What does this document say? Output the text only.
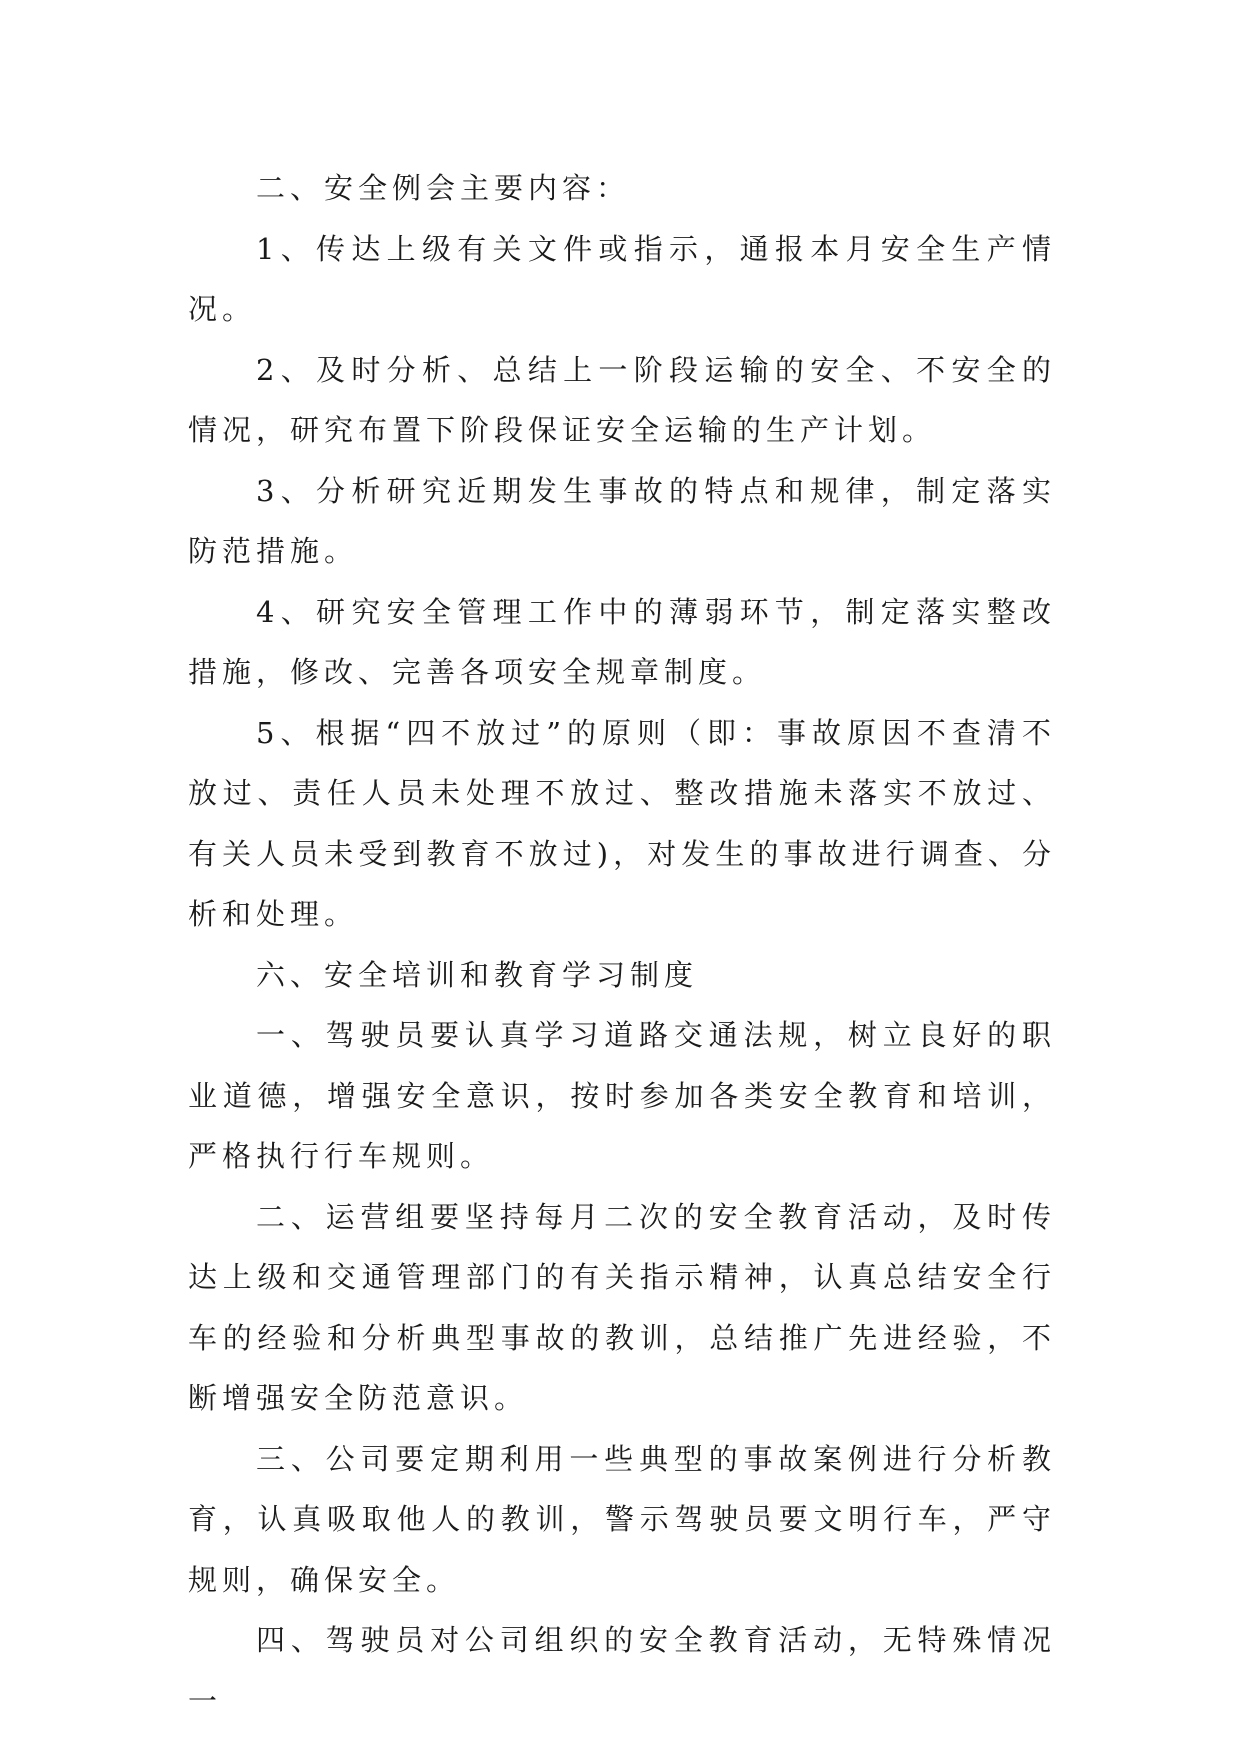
二、安全例会主要内容：

1、传达上级有关文件或指示，通报本月安全生产情况。

2、及时分析、总结上一阶段运输的安全、不安全的情况，研究布置下阶段保证安全运输的生产计划。

3、分析研究近期发生事故的特点和规律，制定落实防范措施。

4、研究安全管理工作中的薄弱环节，制定落实整改措施，修改、完善各项安全规章制度。

5、根据“四不放过”的原则（即：事故原因不查清不放过、责任人员未处理不放过、整改措施未落实不放过、有关人员未受到教育不放过)，对发生的事故进行调查、分析和处理。

六、安全培训和教育学习制度

一、驾驶员要认真学习道路交通法规，树立良好的职业道德，增强安全意识，按时参加各类安全教育和培训，严格执行行车规则。

二、运营组要坚持每月二次的安全教育活动，及时传达上级和交通管理部门的有关指示精神，认真总结安全行车的经验和分析典型事故的教训，总结推广先进经验，不断增强安全防范意识。

三、公司要定期利用一些典型的事故案例进行分析教育，认真吸取他人的教训，警示驾驶员要文明行车，严守规则，确保安全。

四、驾驶员对公司组织的安全教育活动，无特殊情况一
